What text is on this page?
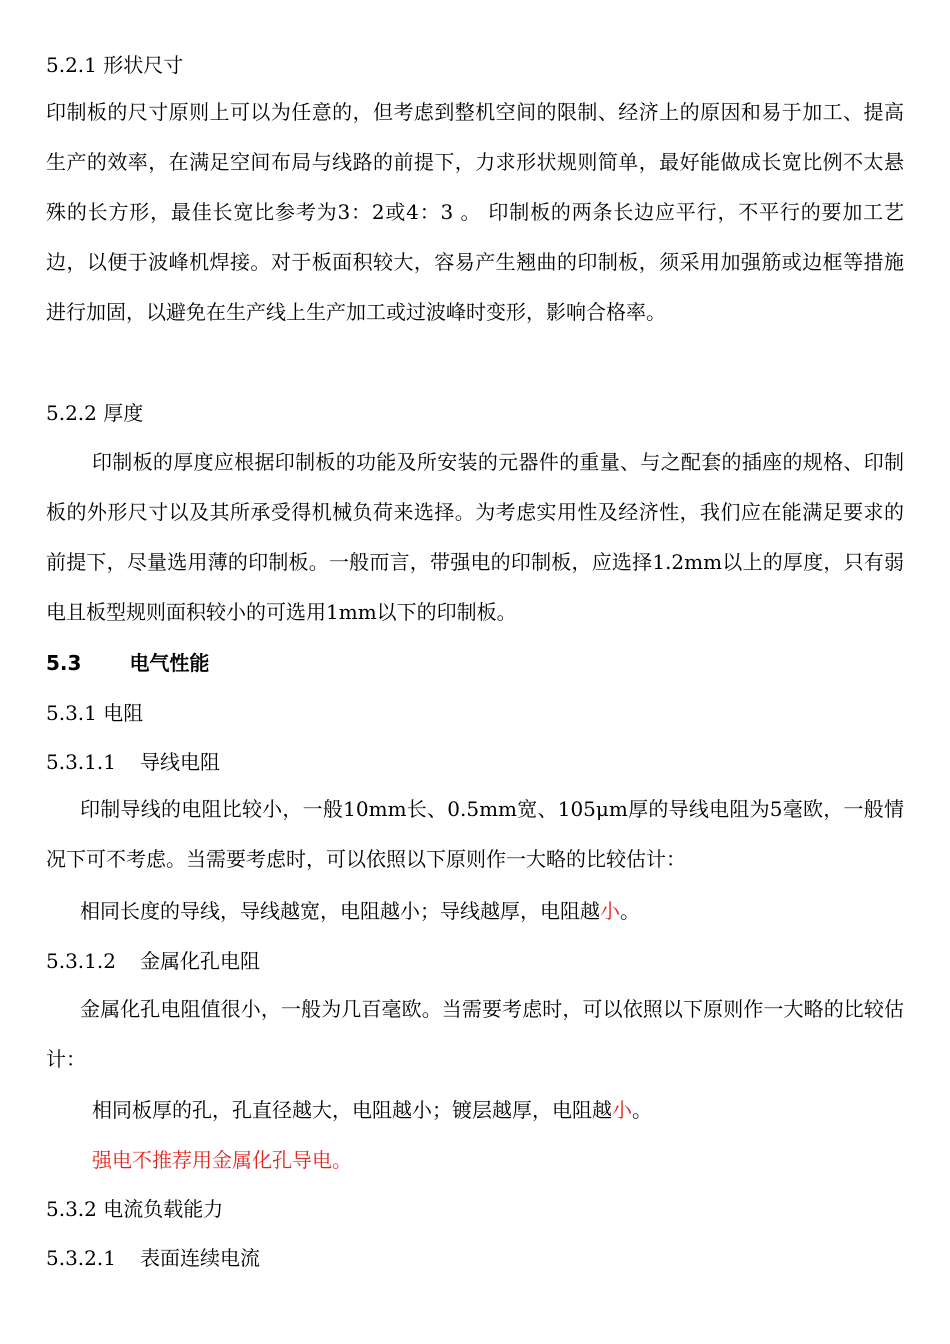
5.2.1 形状尺寸

印制板的尺寸原则上可以为任意的，但考虑到整机空间的限制、经济上的原因和易于加工、提高生产的效率，在满足空间布局与线路的前提下，力求形状规则简单，最好能做成长宽比例不太悬殊的长方形，最佳长宽比参考为3：2或4：3 。 印制板的两条长边应平行，不平行的要加工艺边，以便于波峰机焊接。对于板面积较大，容易产生翘曲的印制板，须采用加强筋或边框等措施进行加固，以避免在生产线上生产加工或过波峰时变形，影响合格率。

5.2.2 厚度

印制板的厚度应根据印制板的功能及所安装的元器件的重量、与之配套的插座的规格、印制板的外形尺寸以及其所承受得机械负荷来选择。为考虑实用性及经济性，我们应在能满足要求的前提下，尽量选用薄的印制板。一般而言，带强电的印制板，应选择1.2mm以上的厚度，只有弱电且板型规则面积较小的可选用1mm以下的印制板。

5.3 电气性能
5.3.1 电阻
5.3.1.1 导线电阻

印制导线的电阻比较小，一般10mm长、0.5mm宽、105μm厚的导线电阻为5毫欧，一般情况下可不考虑。当需要考虑时，可以依照以下原则作一大略的比较估计：

相同长度的导线，导线越宽，电阻越小；导线越厚，电阻越小。
5.3.1.2 金属化孔电阻

金属化孔电阻值很小，一般为几百毫欧。当需要考虑时，可以依照以下原则作一大略的比较估计：

相同板厚的孔，孔直径越大，电阻越小；镀层越厚，电阻越小。
强电不推荐用金属化孔导电。
5.3.2 电流负载能力
5.3.2.1 表面连续电流
